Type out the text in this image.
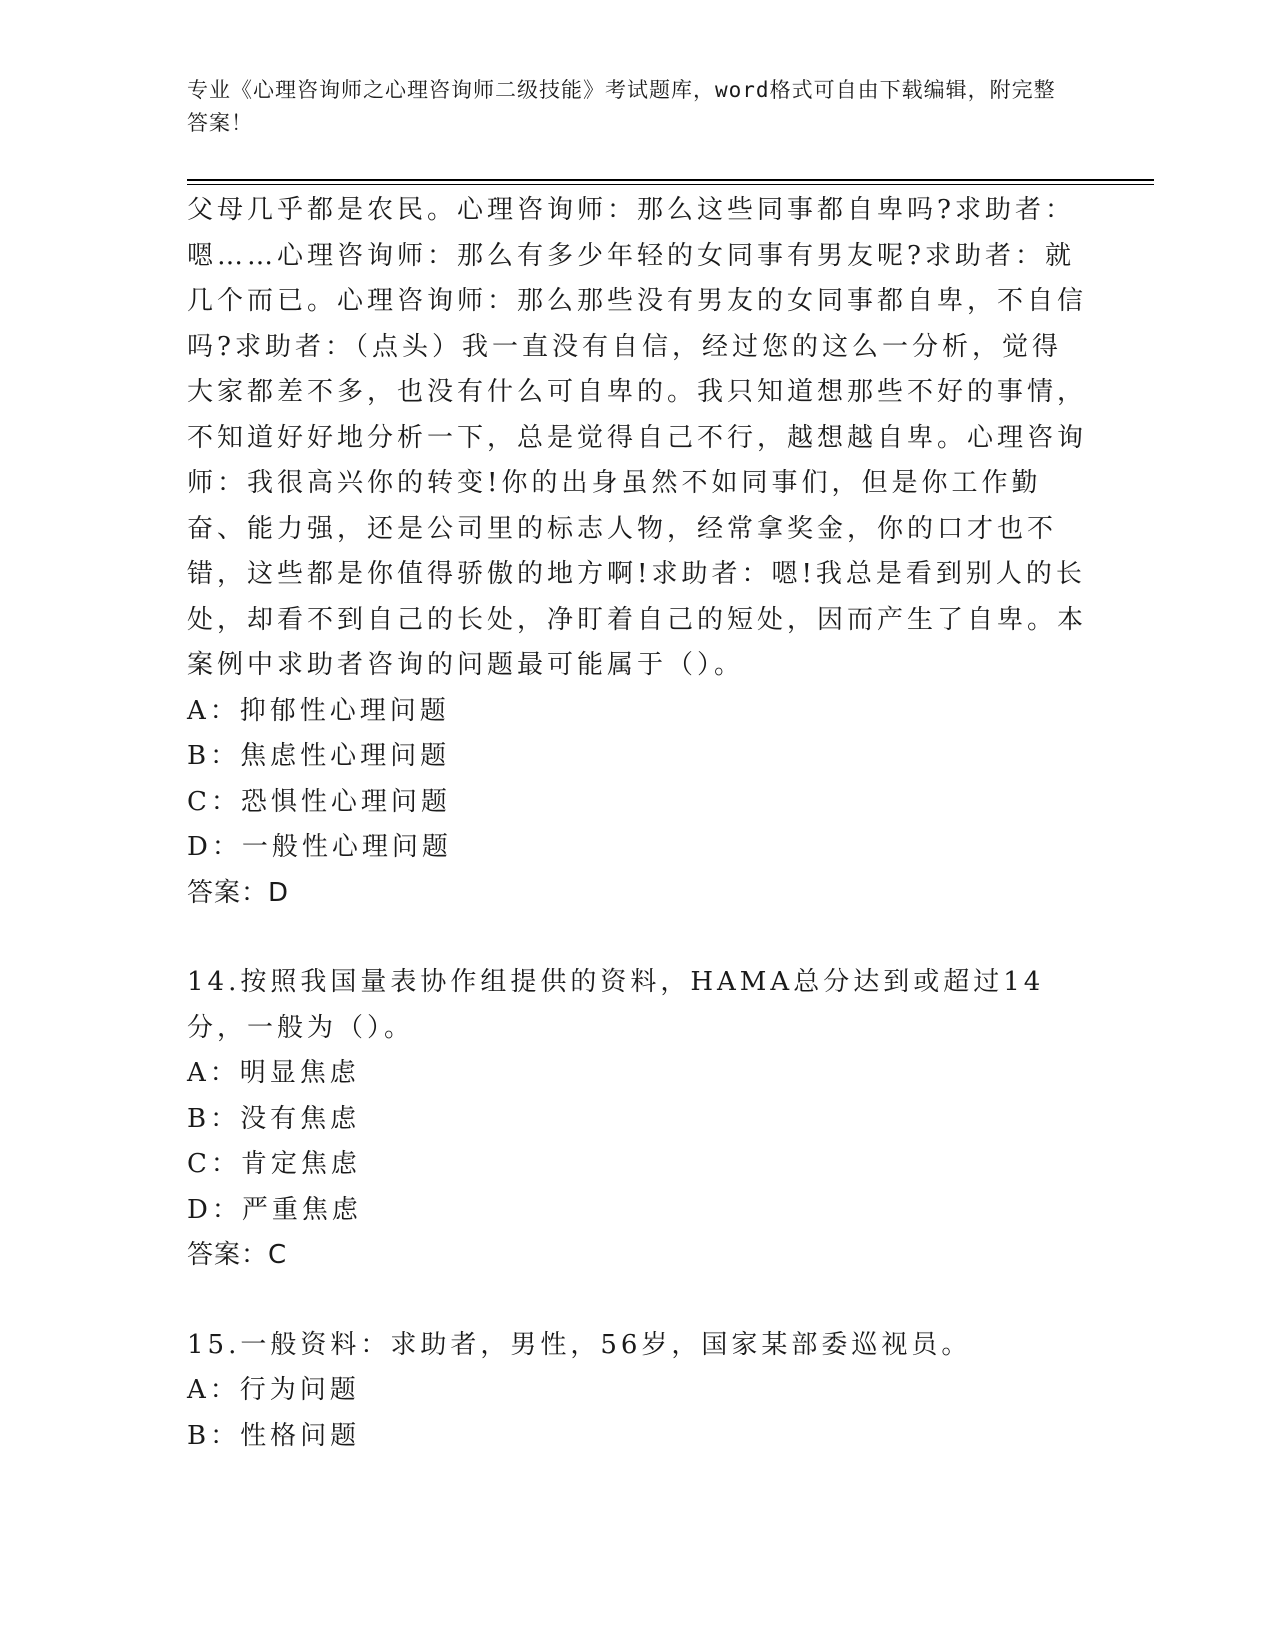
专业《心理咨询师之心理咨询师二级技能》考试题库，word格式可自由下载编辑，附完整答案！

父母几乎都是农民。心理咨询师：那么这些同事都自卑吗?求助者：嗯……心理咨询师：那么有多少年轻的女同事有男友呢?求助者：就几个而已。心理咨询师：那么那些没有男友的女同事都自卑，不自信吗?求助者：（点头）我一直没有自信，经过您的这么一分析，觉得大家都差不多，也没有什么可自卑的。我只知道想那些不好的事情，不知道好好地分析一下，总是觉得自己不行，越想越自卑。心理咨询师：我很高兴你的转变!你的出身虽然不如同事们，但是你工作勤奋、能力强，还是公司里的标志人物，经常拿奖金，你的口才也不错，这些都是你值得骄傲的地方啊!求助者：嗯!我总是看到别人的长处，却看不到自己的长处，净盯着自己的短处，因而产生了自卑。本案例中求助者咨询的问题最可能属于（）。

A：抑郁性心理问题

B：焦虑性心理问题

C：恐惧性心理问题

D：一般性心理问题

答案：D

14.按照我国量表协作组提供的资料，HAMA总分达到或超过14分，一般为（）。

A：明显焦虑

B：没有焦虑

C：肯定焦虑

D：严重焦虑

答案：C

15.一般资料：求助者，男性，56岁，国家某部委巡视员。

A：行为问题

B：性格问题
